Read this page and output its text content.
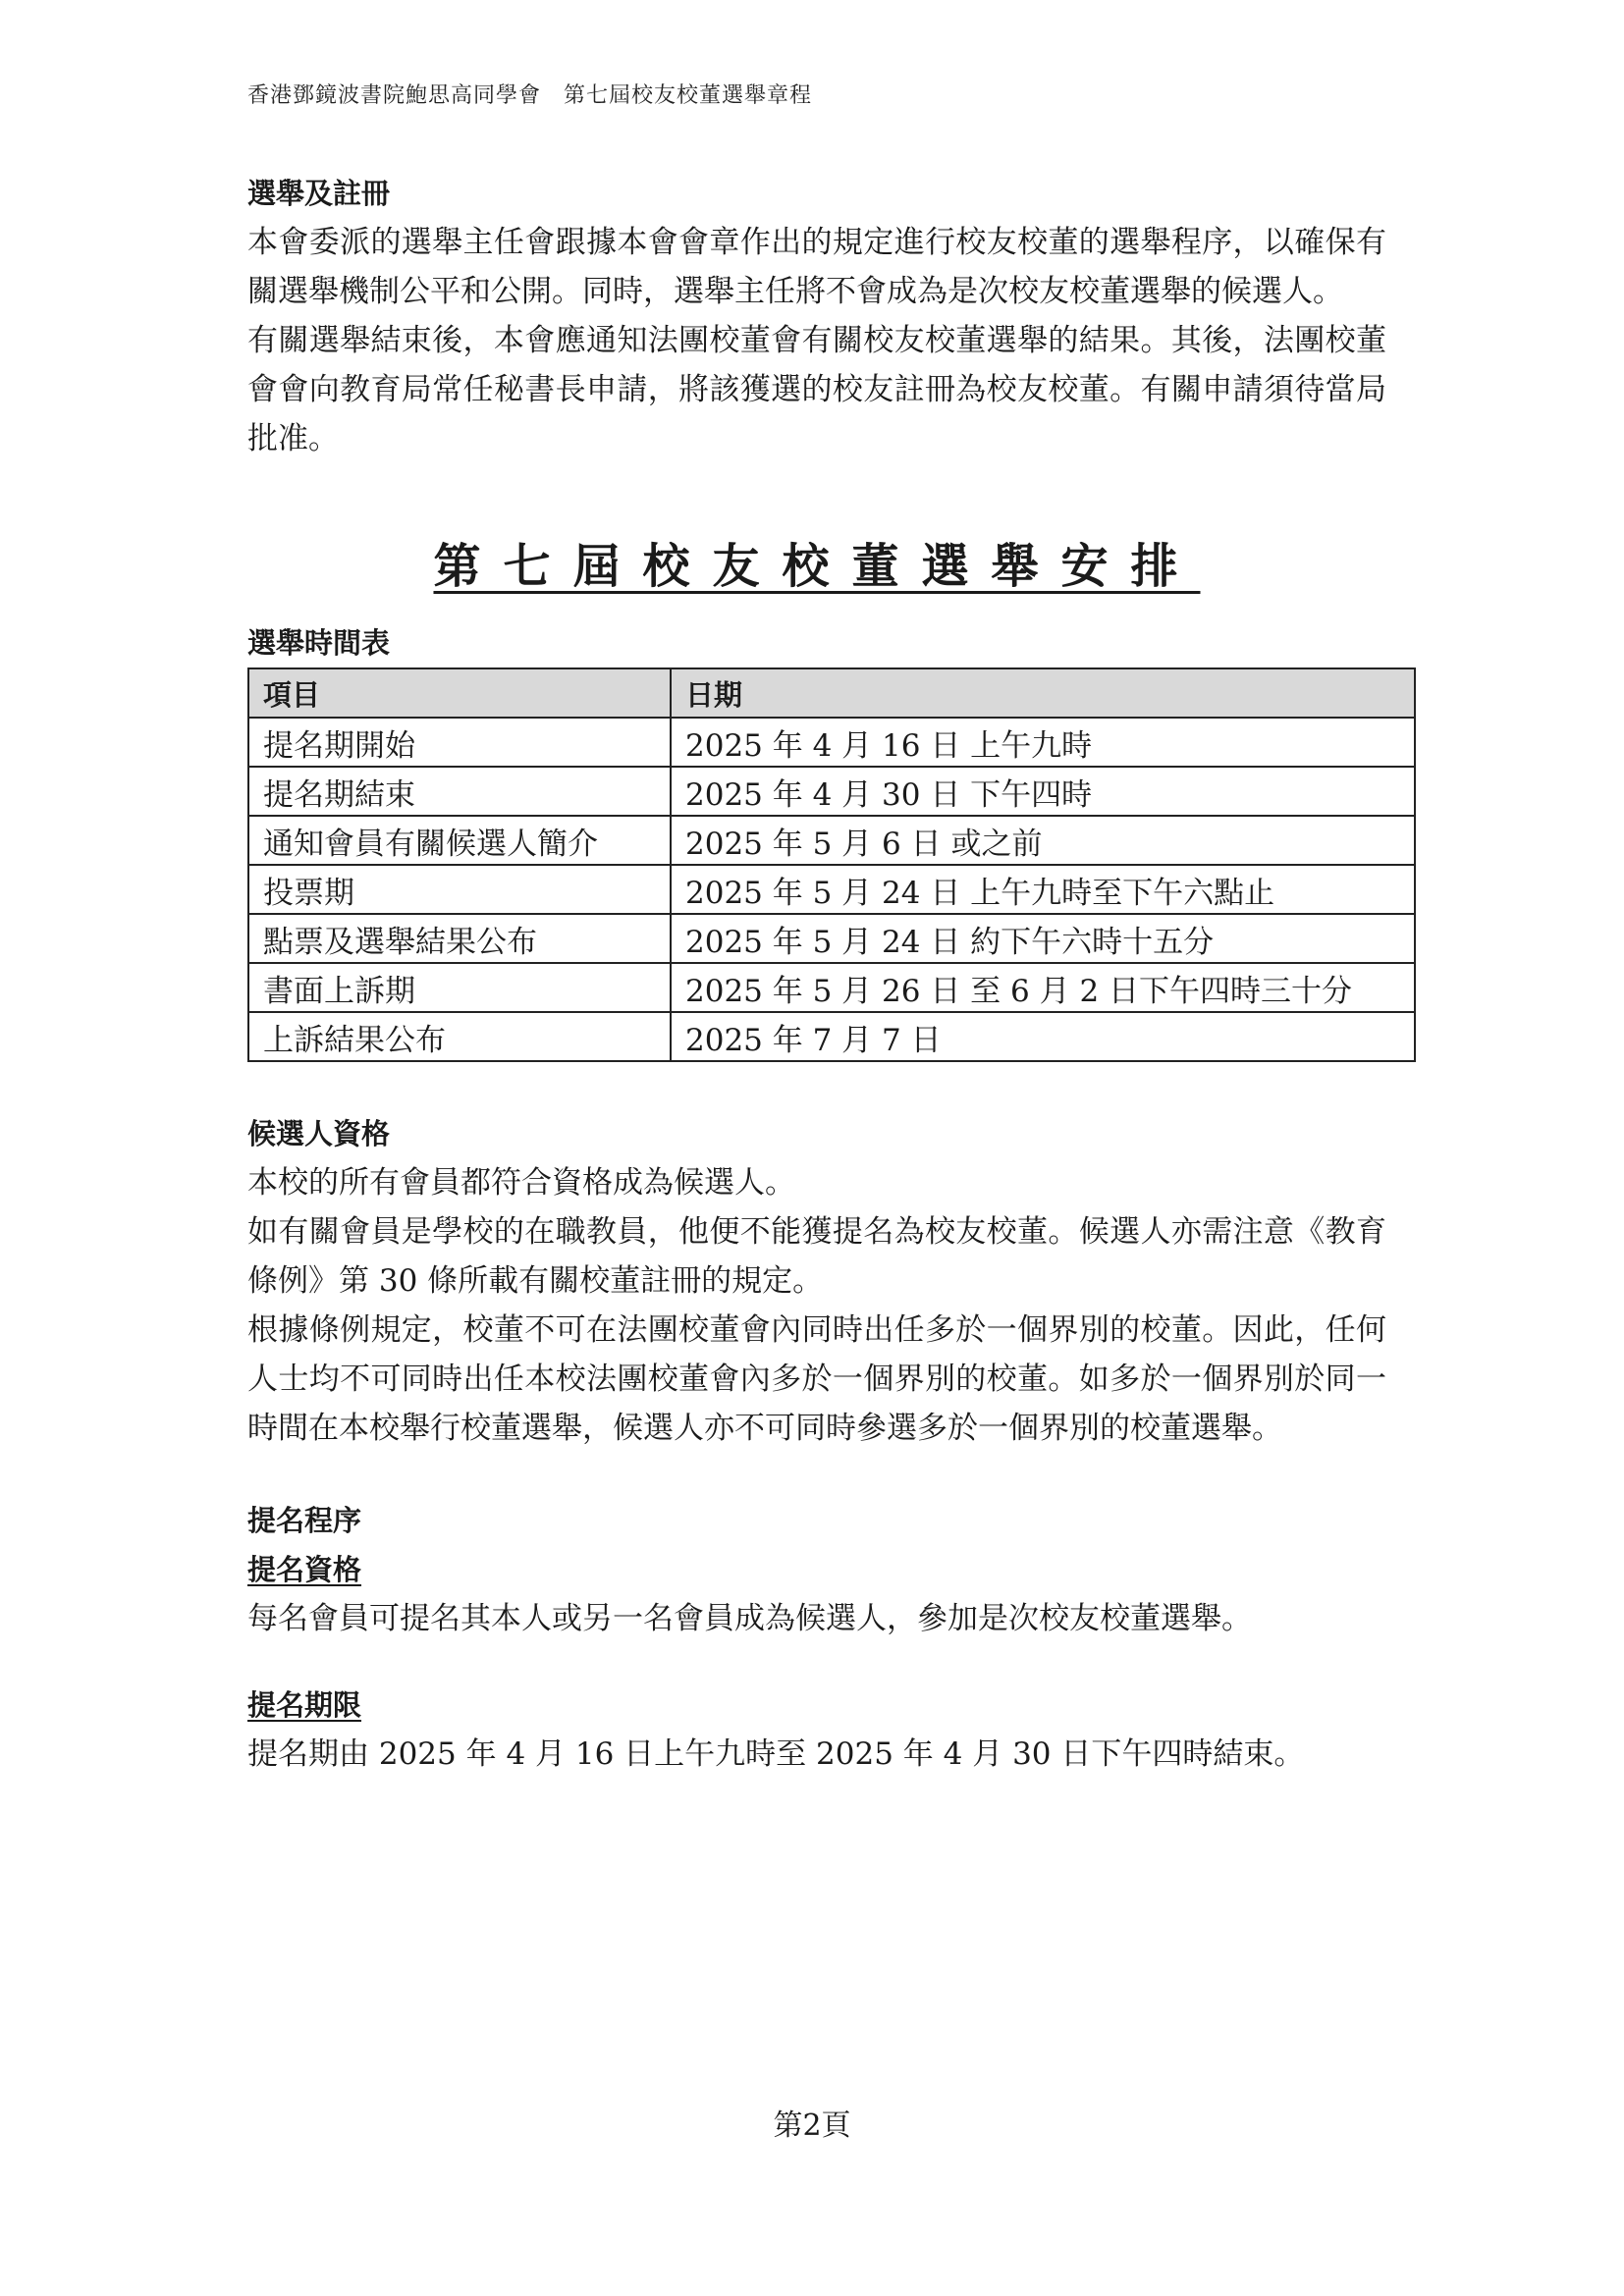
香港鄧鏡波書院鮑思高同學會　第七屆校友校董選舉章程

選舉及註冊

本會委派的選舉主任會跟據本會會章作出的規定進行校友校董的選舉程序，以確保有關選舉機制公平和公開。同時，選舉主任將不會成為是次校友校董選舉的候選人。

有關選舉結束後，本會應通知法團校董會有關校友校董選舉的結果。其後，法團校董會會向教育局常任秘書長申請，將該獲選的校友註冊為校友校董。有關申請須待當局批准。

第七屆校友校董選舉安排

選舉時間表

項目	日期
提名期開始	2025 年 4 月 16 日 上午九時
提名期結束	2025 年 4 月 30 日 下午四時
通知會員有關候選人簡介	2025 年 5 月 6 日 或之前
投票期	2025 年 5 月 24 日 上午九時至下午六點止
點票及選舉結果公布	2025 年 5 月 24 日 約下午六時十五分
書面上訴期	2025 年 5 月 26 日 至 6 月 2 日下午四時三十分
上訴結果公布	2025 年 7 月 7 日

候選人資格

本校的所有會員都符合資格成為候選人。

如有關會員是學校的在職教員，他便不能獲提名為校友校董。候選人亦需注意《教育條例》第 30 條所載有關校董註冊的規定。

根據條例規定，校董不可在法團校董會內同時出任多於一個界別的校董。因此，任何人士均不可同時出任本校法團校董會內多於一個界別的校董。如多於一個界別於同一時間在本校舉行校董選舉，候選人亦不可同時參選多於一個界別的校董選舉。

提名程序

提名資格

每名會員可提名其本人或另一名會員成為候選人，參加是次校友校董選舉。

提名期限

提名期由 2025 年 4 月 16 日上午九時至 2025 年 4 月 30 日下午四時結束。

第2頁
